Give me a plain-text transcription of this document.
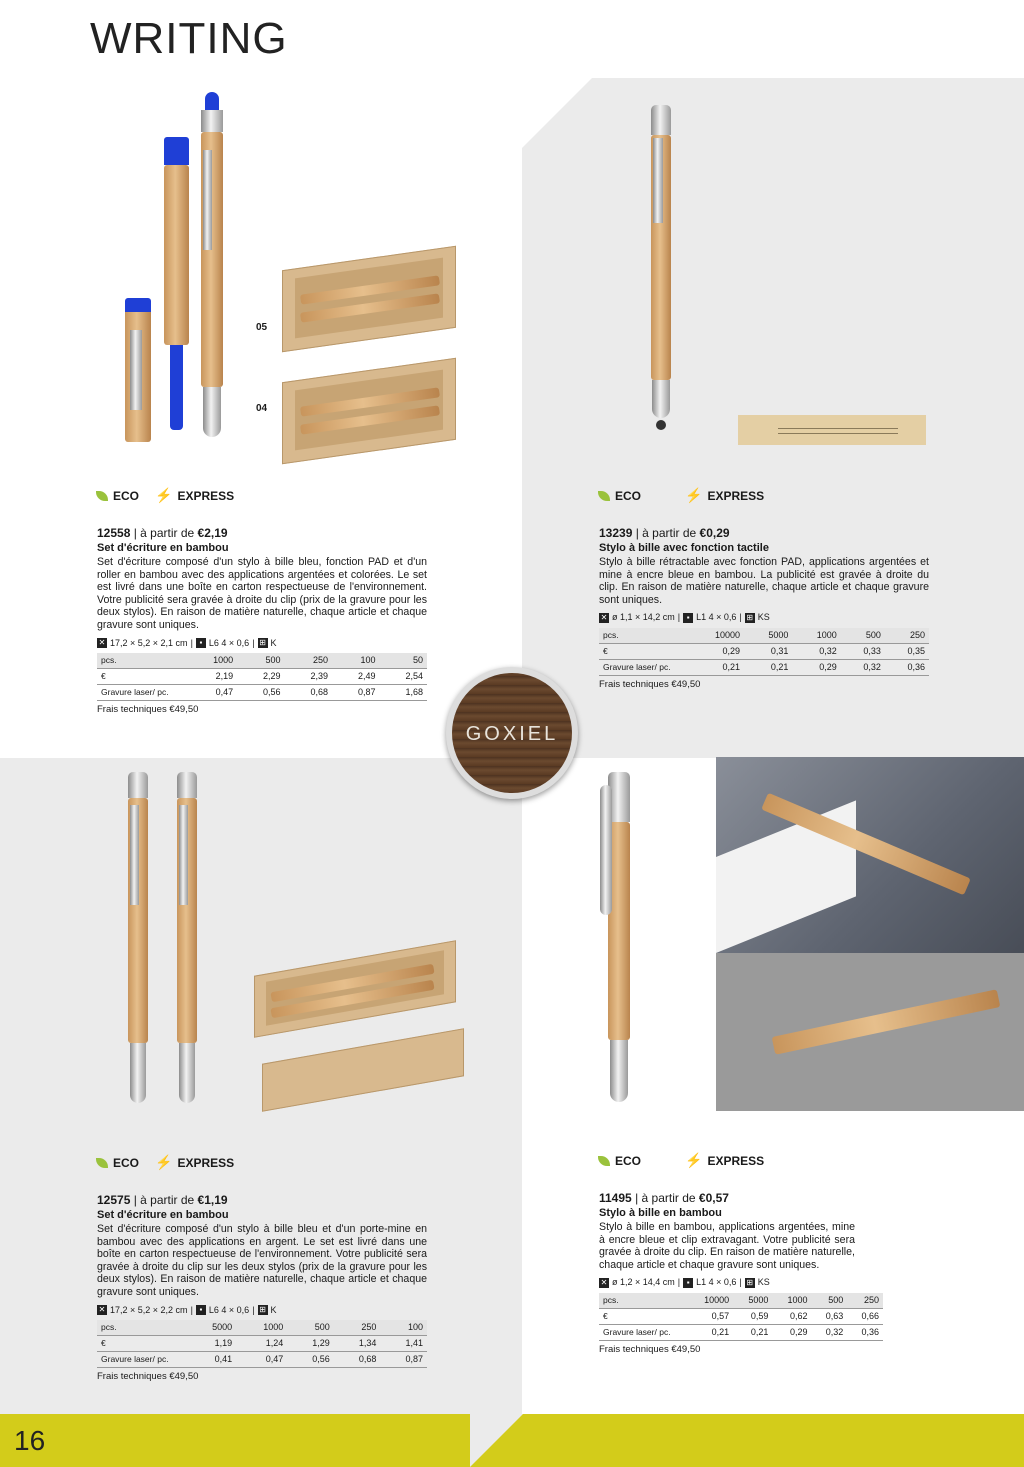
WRITING
16
05
04
GOXIEL
ECO ⚡ EXPRESS
12558 | à partir de €2,19
Set d'écriture en bambou
Set d'écriture composé d'un stylo à bille bleu, fonction PAD et d'un roller en bambou avec des applications argentées et colorées. Le set est livré dans une boîte en carton respectueuse de l'environnement. Votre publicité sera gravée à droite du clip (prix de la gravure pour les deux stylos). En raison de matière naturelle, chaque article et chaque gravure sont uniques.
✕ 17,2 × 5,2 × 2,1 cm | ▪ L6 4 × 0,6 | ⊞ K
pcs.	1000	500	250	100	50
€	2,19	2,29	2,39	2,49	2,54
Gravure laser/ pc.	0,47	0,56	0,68	0,87	1,68
Frais techniques €49,50
ECO	⚡ EXPRESS
13239 | à partir de €0,29
Stylo à bille avec fonction tactile
Stylo à bille rétractable avec fonction PAD, applications argentées et mine à encre bleue en bambou. La publicité est gravée à droite du clip. En raison de matière naturelle, chaque article et chaque gravure sont uniques.
✕ ø 1,1 × 14,2 cm | ▪ L1 4 × 0,6 | ⊞ KS
pcs.	10000	5000	1000	500	250
€	0,29	0,31	0,32	0,33	0,35
Gravure laser/ pc.	0,21	0,21	0,29	0,32	0,36
Frais techniques €49,50
ECO ⚡ EXPRESS
12575 | à partir de €1,19
Set d'écriture en bambou
Set d'écriture composé d'un stylo à bille bleu et d'un porte-mine en bambou avec des applications en argent. Le set est livré dans une boîte en carton respectueuse de l'environnement. Votre publicité sera gravée à droite du clip sur les deux stylos (prix de la gravure pour les deux stylos). En raison de matière naturelle, chaque article et chaque gravure sont uniques.
✕ 17,2 × 5,2 × 2,2 cm | ▪ L6 4 × 0,6 | ⊞ K
pcs.	5000	1000	500	250	100
€	1,19	1,24	1,29	1,34	1,41
Gravure laser/ pc.	0,41	0,47	0,56	0,68	0,87
Frais techniques €49,50
ECO	⚡ EXPRESS
11495 | à partir de €0,57
Stylo à bille en bambou
Stylo à bille en bambou, applications argentées, mine à encre bleue et clip extravagant. Votre publicité sera gravée à droite du clip. En raison de matière naturelle, chaque article et chaque gravure sont uniques.
✕ ø 1,2 × 14,4 cm | ▪ L1 4 × 0,6 | ⊞ KS
pcs.	10000	5000	1000	500	250
€	0,57	0,59	0,62	0,63	0,66
Gravure laser/ pc.	0,21	0,21	0,29	0,32	0,36
Frais techniques €49,50
